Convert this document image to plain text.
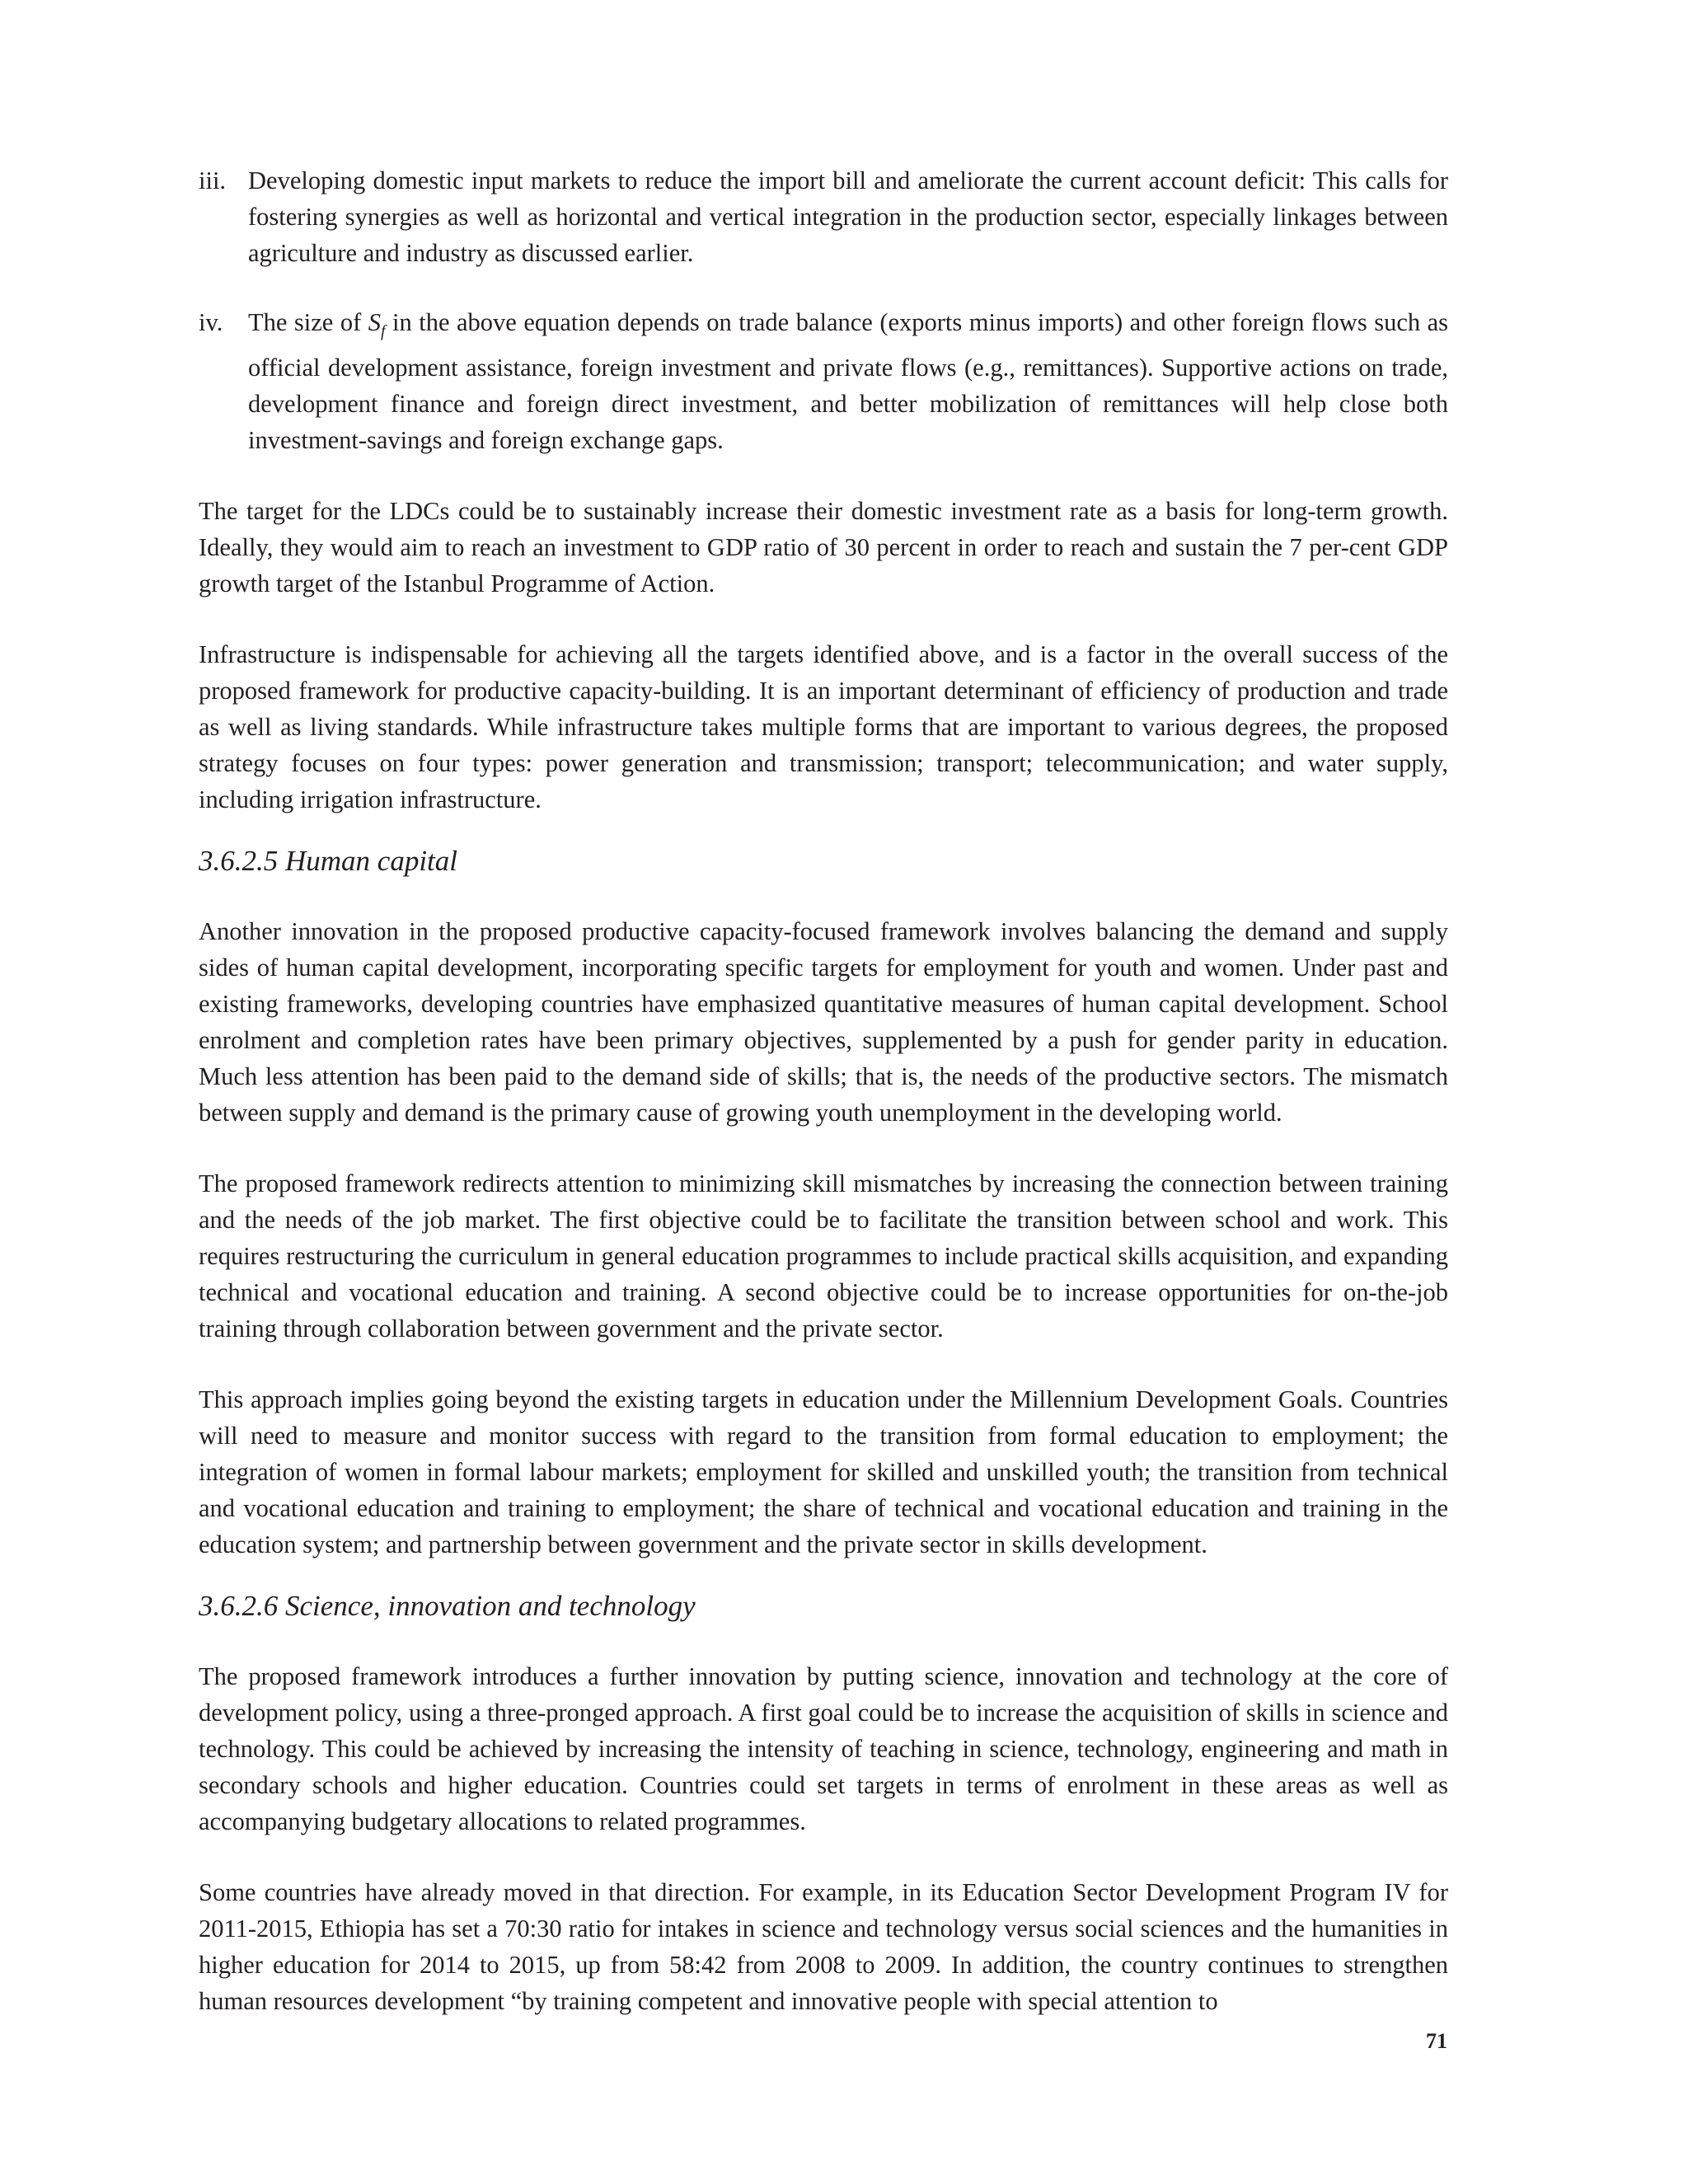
iii. Developing domestic input markets to reduce the import bill and ameliorate the current account deficit: This calls for fostering synergies as well as horizontal and vertical integration in the production sector, especially linkages between agriculture and industry as discussed earlier.

iv. The size of $S_f$ in the above equation depends on trade balance (exports minus imports) and other foreign flows such as official development assistance, foreign investment and private flows (e.g., remittances). Supportive actions on trade, development finance and foreign direct investment, and better mobilization of remittances will help close both investment-savings and foreign exchange gaps.

The target for the LDCs could be to sustainably increase their domestic investment rate as a basis for long-term growth. Ideally, they would aim to reach an investment to GDP ratio of 30 percent in order to reach and sustain the 7 per-cent GDP growth target of the Istanbul Programme of Action.

Infrastructure is indispensable for achieving all the targets identified above, and is a factor in the overall success of the proposed framework for productive capacity-building. It is an important determinant of efficiency of production and trade as well as living standards. While infrastructure takes multiple forms that are important to various degrees, the proposed strategy focuses on four types: power generation and transmission; transport; telecommunication; and water supply, including irrigation infrastructure.

3.6.2.5 Human capital

Another innovation in the proposed productive capacity-focused framework involves balancing the demand and supply sides of human capital development, incorporating specific targets for employment for youth and women. Under past and existing frameworks, developing countries have emphasized quantitative measures of human capital development. School enrolment and completion rates have been primary objectives, supplemented by a push for gender parity in education. Much less attention has been paid to the demand side of skills; that is, the needs of the productive sectors. The mismatch between supply and demand is the primary cause of growing youth unemployment in the developing world.

The proposed framework redirects attention to minimizing skill mismatches by increasing the connection between training and the needs of the job market. The first objective could be to facilitate the transition between school and work. This requires restructuring the curriculum in general education programmes to include practical skills acquisition, and expanding technical and vocational education and training. A second objective could be to increase opportunities for on-the-job training through collaboration between government and the private sector.

This approach implies going beyond the existing targets in education under the Millennium Development Goals. Countries will need to measure and monitor success with regard to the transition from formal education to employment; the integration of women in formal labour markets; employment for skilled and unskilled youth; the transition from technical and vocational education and training to employment; the share of technical and vocational education and training in the education system; and partnership between government and the private sector in skills development.

3.6.2.6 Science, innovation and technology

The proposed framework introduces a further innovation by putting science, innovation and technology at the core of development policy, using a three-pronged approach. A first goal could be to increase the acquisition of skills in science and technology. This could be achieved by increasing the intensity of teaching in science, technology, engineering and math in secondary schools and higher education. Countries could set targets in terms of enrolment in these areas as well as accompanying budgetary allocations to related programmes.

Some countries have already moved in that direction. For example, in its Education Sector Development Program IV for 2011-2015, Ethiopia has set a 70:30 ratio for intakes in science and technology versus social sciences and the humanities in higher education for 2014 to 2015, up from 58:42 from 2008 to 2009. In addition, the country continues to strengthen human resources development “by training competent and innovative people with special attention to

71
